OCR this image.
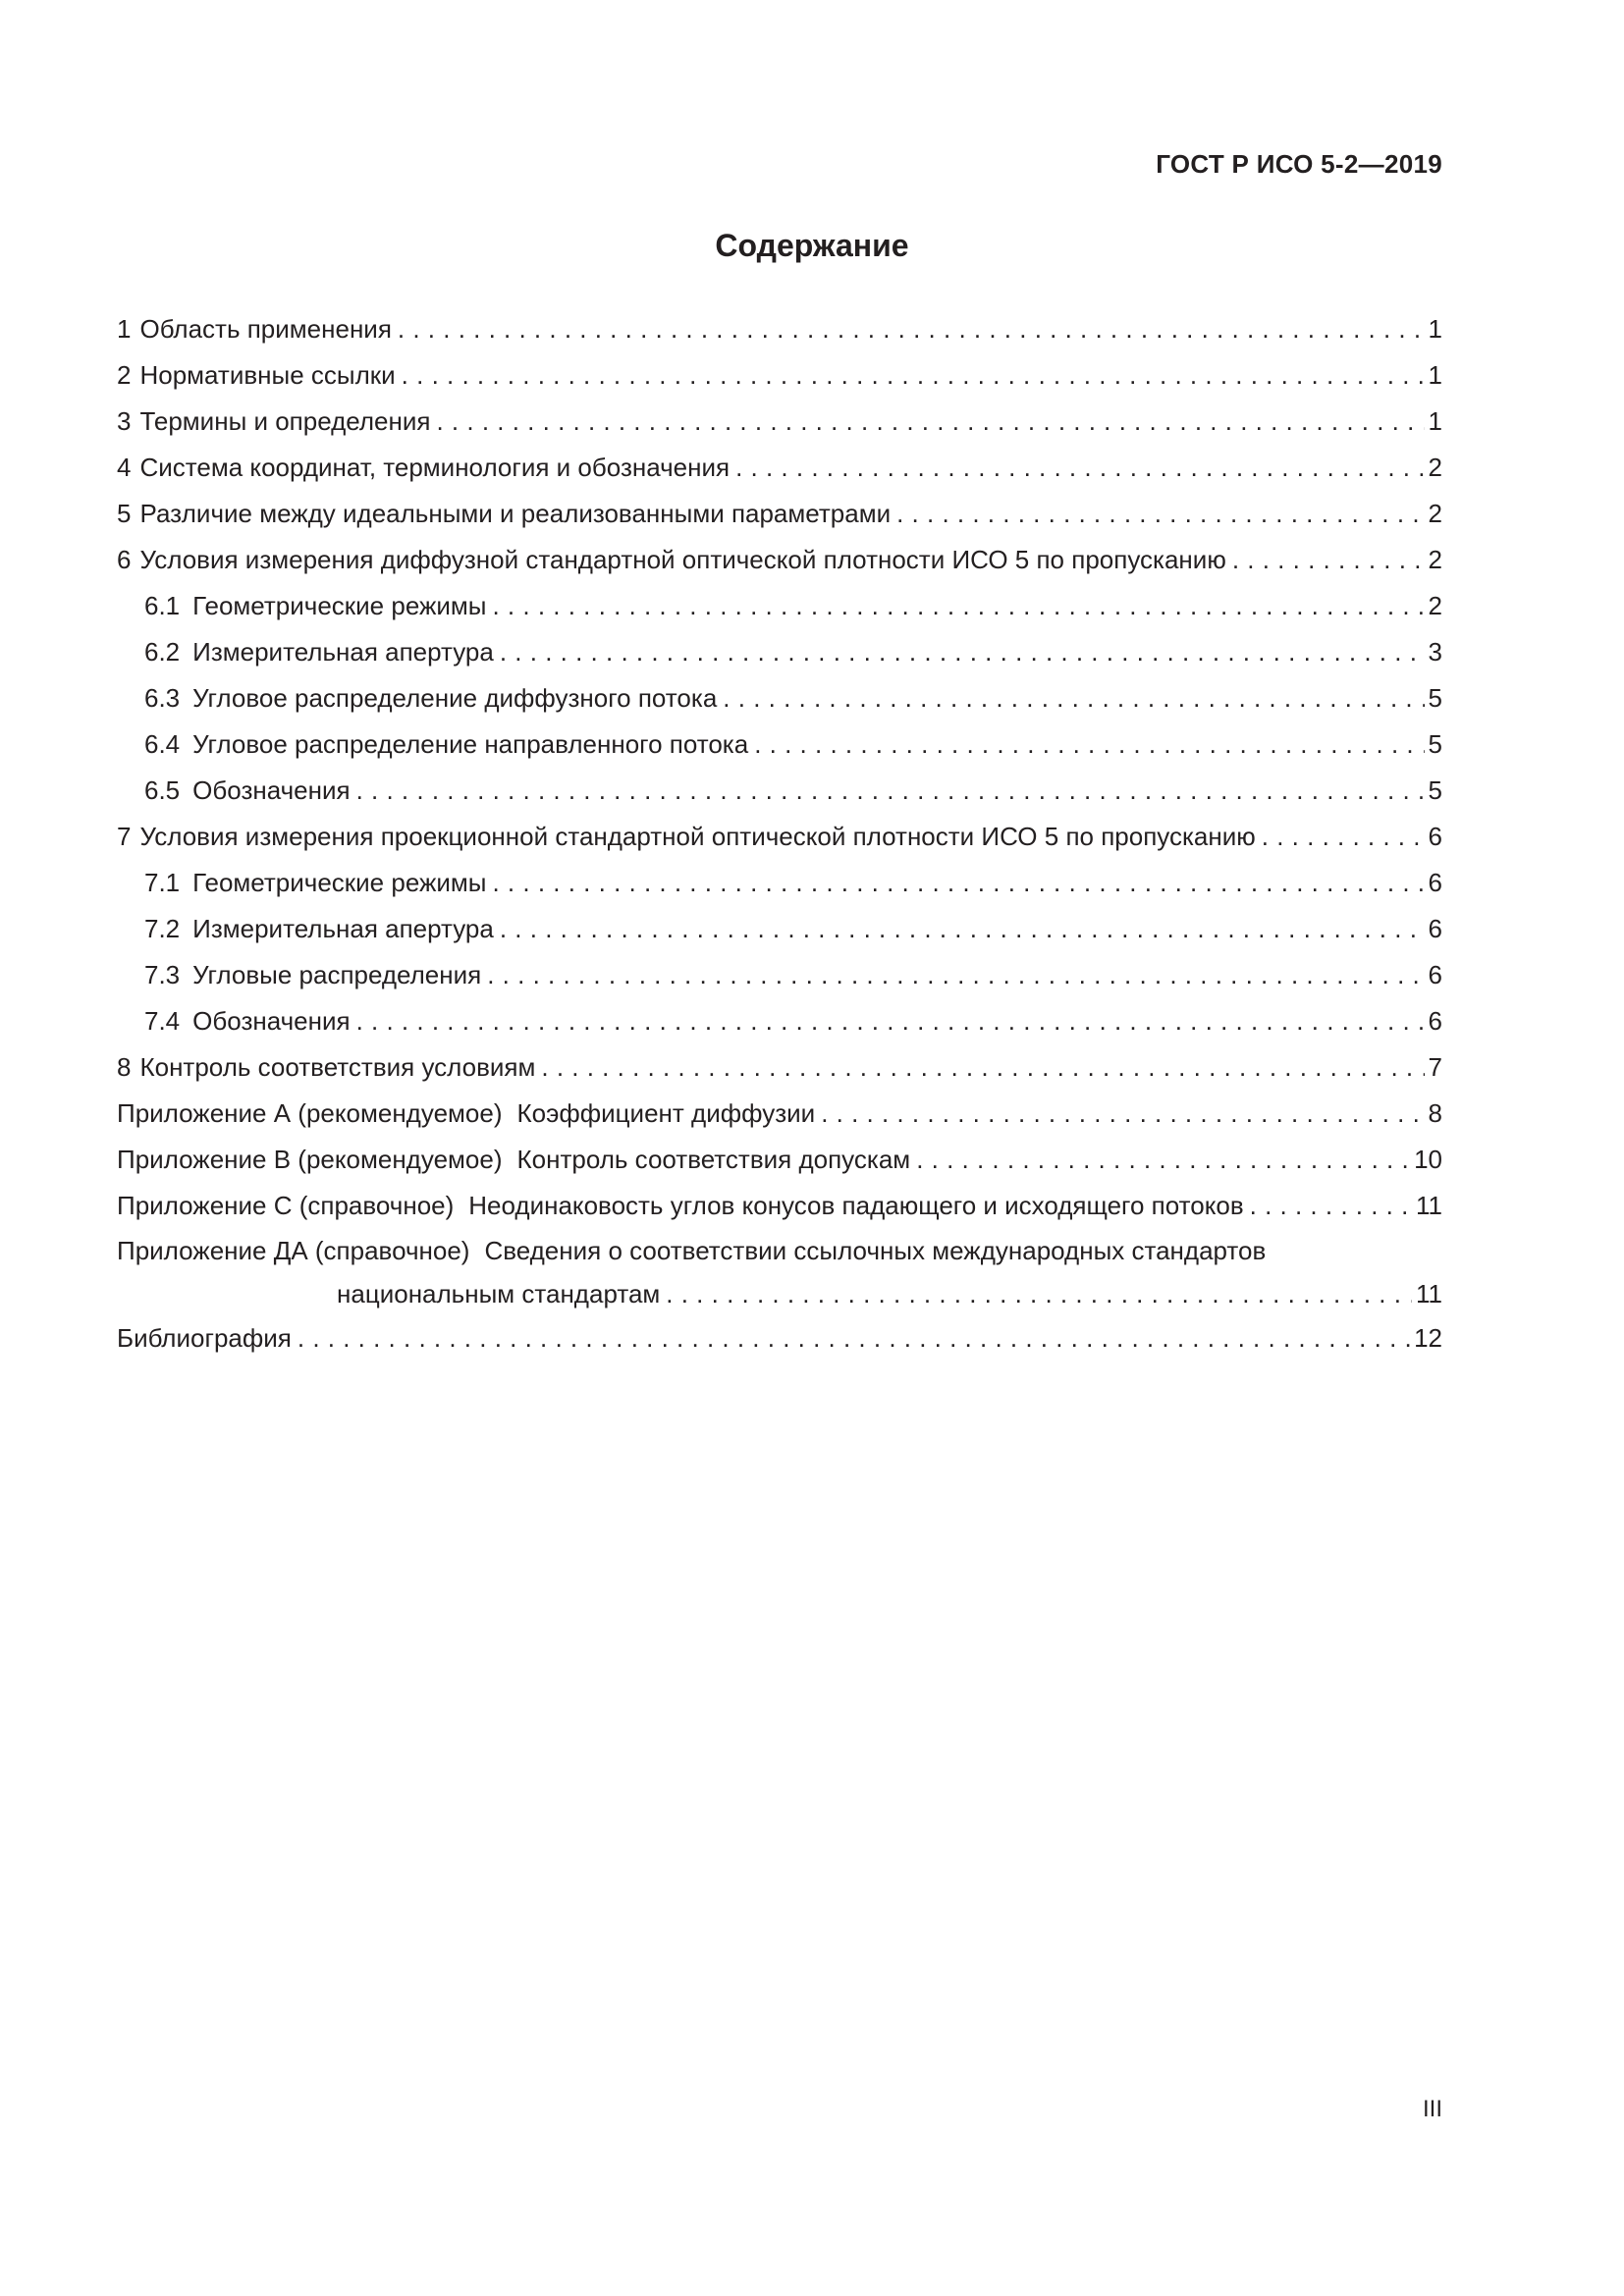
ГОСТ Р ИСО 5-2—2019
Содержание
1 Область применения . . .	1
2 Нормативные ссылки . . .	1
3 Термины и определения . . .	1
4 Система координат, терминология и обозначения . . .	2
5 Различие между идеальными и реализованными параметрами . . .	2
6 Условия измерения диффузной стандартной оптической плотности ИСО 5 по пропусканию . . .	2
6.1 Геометрические режимы . . .	2
6.2 Измерительная апертура . . .	3
6.3 Угловое распределение диффузного потока . . .	5
6.4 Угловое распределение направленного потока . . .	5
6.5 Обозначения . . .	5
7 Условия измерения проекционной стандартной оптической плотности ИСО 5 по пропусканию . . .	6
7.1 Геометрические режимы . . .	6
7.2 Измерительная апертура . . .	6
7.3 Угловые распределения . . .	6
7.4 Обозначения . . .	6
8 Контроль соответствия условиям . . .	7
Приложение А (рекомендуемое) Коэффициент диффузии . . .	8
Приложение В (рекомендуемое) Контроль соответствия допускам . . .	10
Приложение С (справочное) Неодинаковость углов конусов падающего и исходящего потоков . . .	11
Приложение ДА (справочное) Сведения о соответствии ссылочных международных стандартов
национальным стандартам . . .	11
Библиография . . .	12
III
